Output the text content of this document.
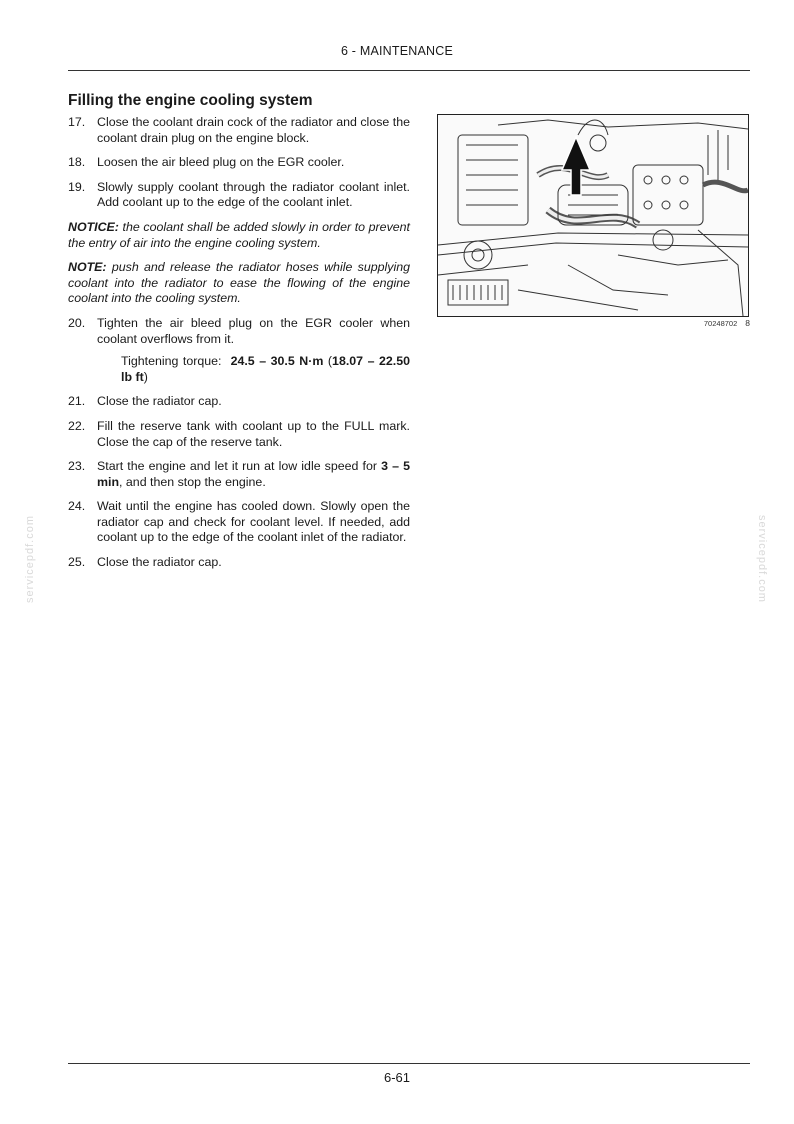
6 - MAINTENANCE
Filling the engine cooling system
17. Close the coolant drain cock of the radiator and close the coolant drain plug on the engine block.
18. Loosen the air bleed plug on the EGR cooler.
19. Slowly supply coolant through the radiator coolant inlet. Add coolant up to the edge of the coolant inlet.
NOTICE: the coolant shall be added slowly in order to prevent the entry of air into the engine cooling system.
NOTE: push and release the radiator hoses while supplying coolant into the radiator to ease the flowing of the engine coolant into the cooling system.
20. Tighten the air bleed plug on the EGR cooler when coolant overflows from it.
Tightening torque: 24.5 – 30.5 N·m (18.07 – 22.50 lb ft)
21. Close the radiator cap.
22. Fill the reserve tank with coolant up to the FULL mark. Close the cap of the reserve tank.
23. Start the engine and let it run at low idle speed for 3 – 5 min, and then stop the engine.
24. Wait until the engine has cooled down. Slowly open the radiator cap and check for coolant level. If needed, add coolant up to the edge of the coolant inlet of the radiator.
25. Close the radiator cap.
70248702 8
servicepdf.com	servicepdf.com
6-61
